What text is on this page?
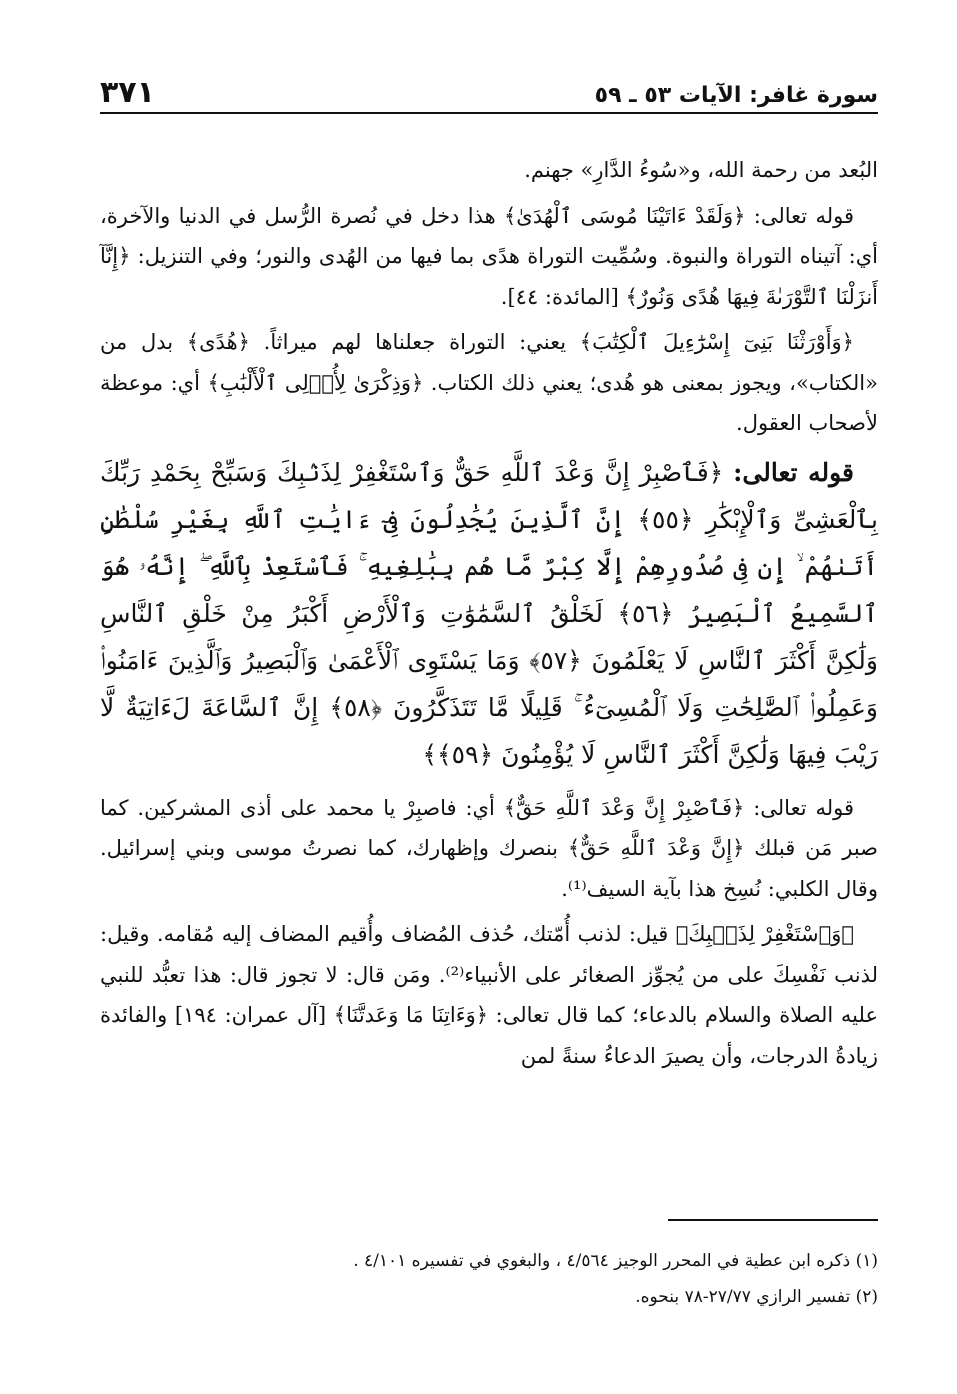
سورة غافر: الآيات ٥٣ ـ ٥٩
٣٧١

البُعد من رحمة الله، و«سُوءُ الدَّارِ» جهنم.

قوله تعالى: ﴿وَلَقَدْ ءَاتَيْنَا مُوسَى ٱلْهُدَىٰ﴾ هذا دخل في نُصرة الرُّسل في الدنيا والآخرة، أي: آتيناه التوراة والنبوة. وسُمِّيت التوراة هدًى بما فيها من الهُدى والنور؛ وفي التنزيل: ﴿إِنَّآ أَنزَلْنَا ٱلتَّوْرَىٰةَ فِيهَا هُدًى وَنُورٌ﴾ [المائدة: ٤٤].

﴿وَأَوْرَثْنَا بَنِىٓ إِسْرَٰٓءِيلَ ٱلْكِتَٰبَ﴾ يعني: التوراة جعلناها لهم ميراثاً. ﴿هُدًى﴾ بدل من «الكتاب»، ويجوز بمعنى هو هُدى؛ يعني ذلك الكتاب. ﴿وَذِكْرَىٰ لِأُو۟لِى ٱلْأَلْبَٰبِ﴾ أي: موعظة لأصحاب العقول.

قوله تعالى: ﴿فَٱصْبِرْ إِنَّ وَعْدَ ٱللَّهِ حَقٌّ وَٱسْتَغْفِرْ لِذَنۢبِكَ وَسَبِّحْ بِحَمْدِ رَبِّكَ بِٱلْعَشِىِّ وَٱلْإِبْكَٰرِ ﴿٥٥﴾ إِنَّ ٱلَّذِينَ يُجَٰدِلُونَ فِىٓ ءَايَٰتِ ٱللَّهِ بِغَيْرِ سُلْطَٰنٍ أَتَىٰهُمْ ۙ إِن فِى صُدُورِهِمْ إِلَّا كِبْرٌ مَّا هُم بِبَٰلِغِيهِ ۚ فَٱسْتَعِذْ بِٱللَّهِ ۖ إِنَّهُۥ هُوَ ٱلسَّمِيعُ ٱلْبَصِيرُ ﴿٥٦﴾ لَخَلْقُ ٱلسَّمَٰوَٰتِ وَٱلْأَرْضِ أَكْبَرُ مِنْ خَلْقِ ٱلنَّاسِ وَلَٰكِنَّ أَكْثَرَ ٱلنَّاسِ لَا يَعْلَمُونَ ﴿٥٧﴾ وَمَا يَسْتَوِى ٱلْأَعْمَىٰ وَٱلْبَصِيرُ وَٱلَّذِينَ ءَامَنُوا۟ وَعَمِلُوا۟ ٱلصَّٰلِحَٰتِ وَلَا ٱلْمُسِىٓءُ ۚ قَلِيلًا مَّا تَتَذَكَّرُونَ ﴿٥٨﴾ إِنَّ ٱلسَّاعَةَ لَءَاتِيَةٌ لَّا رَيْبَ فِيهَا وَلَٰكِنَّ أَكْثَرَ ٱلنَّاسِ لَا يُؤْمِنُونَ ﴿٥٩﴾﴾

قوله تعالى: ﴿فَٱصْبِرْ إِنَّ وَعْدَ ٱللَّهِ حَقٌّ﴾ أي: فاصبِرْ يا محمد على أذى المشركين. كما صبر مَن قبلك ﴿إِنَّ وَعْدَ ٱللَّهِ حَقٌّ﴾ بنصرك وإظهارك، كما نصرتُ موسى وبني إسرائيل. وقال الكلبي: نُسِخ هذا بآية السيف⁽¹⁾.

﴿وَٱسْتَغْفِرْ لِذَنۢبِكَ﴾ قيل: لذنب أُمّتك، حُذف المُضاف وأُقيم المضاف إليه مُقامه. وقيل: لذنب نَفْسِكَ على من يُجوِّز الصغائر على الأنبياء⁽²⁾. ومَن قال: لا تجوز قال: هذا تعبُّد للنبي عليه الصلاة والسلام بالدعاء؛ كما قال تعالى: ﴿وَءَاتِنَا مَا وَعَدتَّنَا﴾ [آل عمران: ١٩٤] والفائدة زيادةُ الدرجات، وأن يصيرَ الدعاءُ سنةً لمن

(١) ذكره ابن عطية في المحرر الوجيز ٤/٥٦٤ ، والبغوي في تفسيره ٤/١٠١ .

(٢) تفسير الرازي ٢٧/٧٧-٧٨ بنحوه.
